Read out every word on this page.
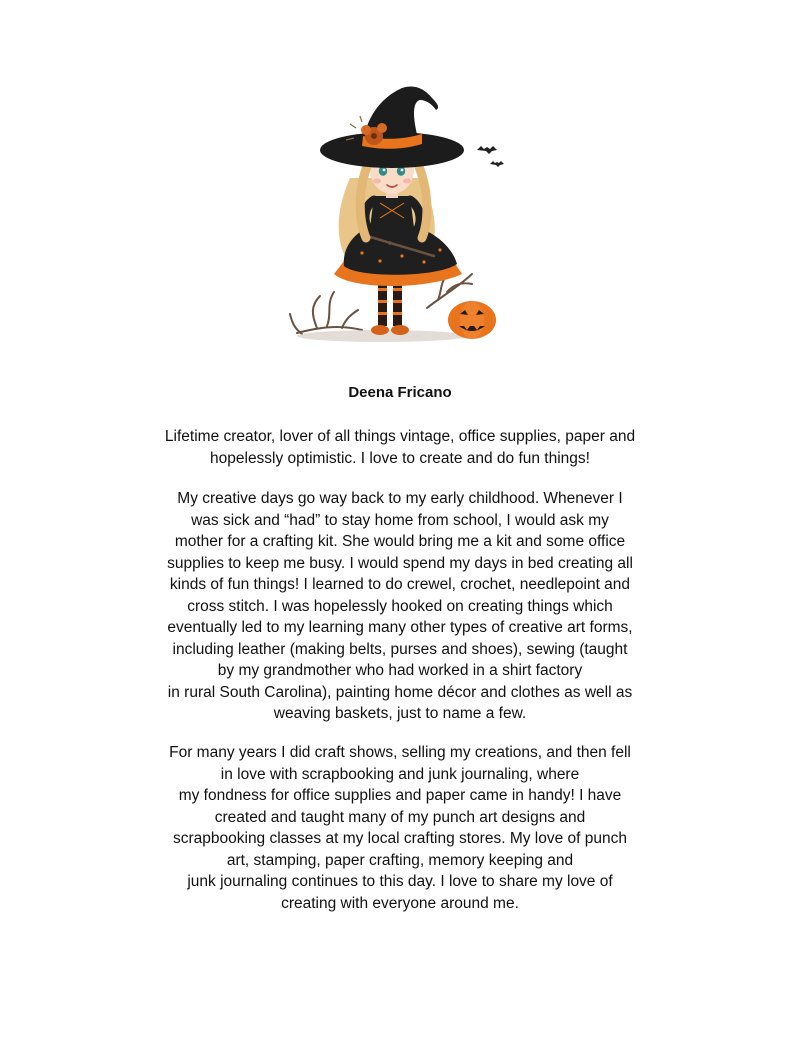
Deena Fricano
Lifetime creator, lover of all things vintage, office supplies, paper and
hopelessly optimistic. I love to create and do fun things!
My creative days go way back to my early childhood. Whenever I
was sick and “had” to stay home from school, I would ask my
mother for a crafting kit. She would bring me a kit and some office
supplies to keep me busy. I would spend my days in bed creating all
kinds of fun things! I learned to do crewel, crochet, needlepoint and
cross stitch. I was hopelessly hooked on creating things which
eventually led to my learning many other types of creative art forms,
including leather (making belts, purses and shoes), sewing (taught
by my grandmother who had worked in a shirt factory
in rural South Carolina), painting home décor and clothes as well as
weaving baskets, just to name a few.
For many years I did craft shows, selling my creations, and then fell
in love with scrapbooking and junk journaling, where
my fondness for office supplies and paper came in handy! I have
created and taught many of my punch art designs and
scrapbooking classes at my local crafting stores. My love of punch
art, stamping, paper crafting, memory keeping and
junk journaling continues to this day. I love to share my love of
creating with everyone around me.
